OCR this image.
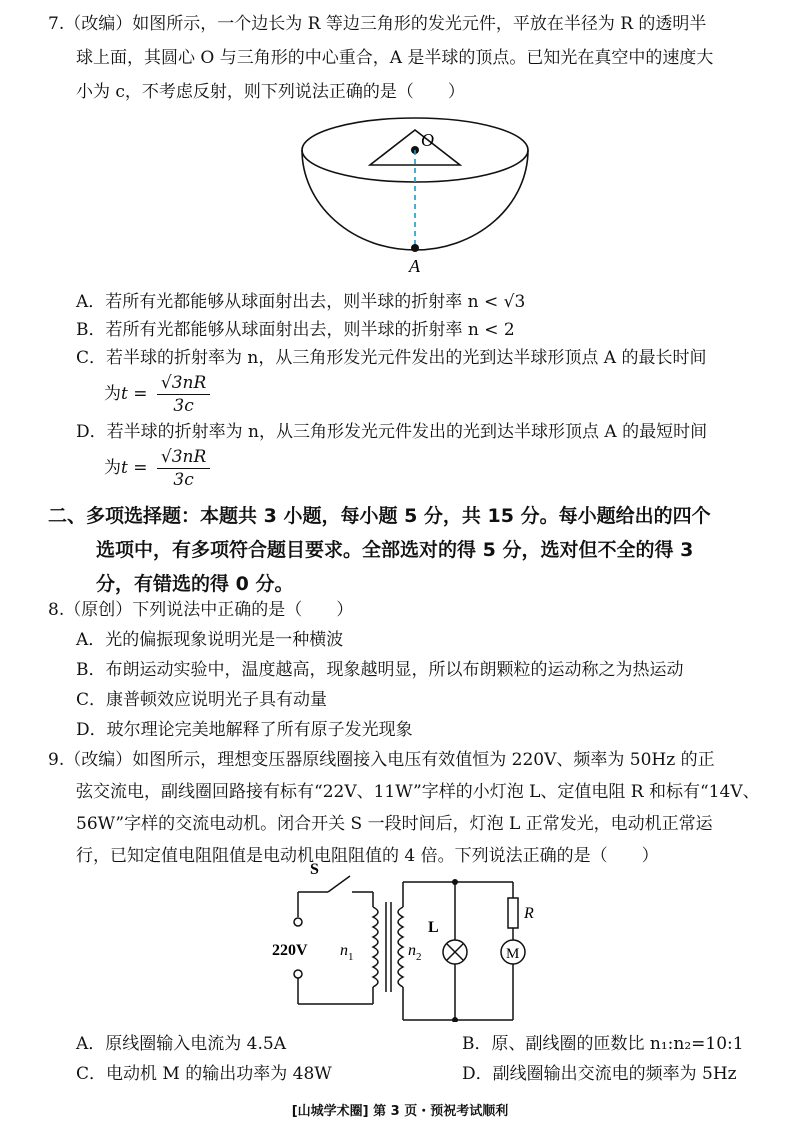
7.（改编）如图所示，一个边长为 R 等边三角形的发光元件，平放在半径为 R 的透明半
球上面，其圆心 O 与三角形的中心重合，A 是半球的顶点。已知光在真空中的速度大
小为 c，不考虑反射，则下列说法正确的是（　　）
O
A
A．若所有光都能够从球面射出去，则半球的折射率 n < √3
B．若所有光都能够从球面射出去，则半球的折射率 n < 2
C．若半球的折射率为 n，从三角形发光元件发出的光到达半球形顶点 A 的最长时间
为$t = \frac{√3nR}{3c}$
D．若半球的折射率为 n，从三角形发光元件发出的光到达半球形顶点 A 的最短时间
为$t = \frac{√3nR}{3c}$
二、多项选择题：本题共 3 小题，每小题 5 分，共 15 分。每小题给出的四个
选项中，有多项符合题目要求。全部选对的得 5 分，选对但不全的得 3
分，有错选的得 0 分。
8.（原创）下列说法中正确的是（　　）
A．光的偏振现象说明光是一种横波
B．布朗运动实验中，温度越高，现象越明显，所以布朗颗粒的运动称之为热运动
C．康普顿效应说明光子具有动量
D．玻尔理论完美地解释了所有原子发光现象
9.（改编）如图所示，理想变压器原线圈接入电压有效值恒为 220V、频率为 50Hz 的正
弦交流电，副线圈回路接有标有“22V、11W”字样的小灯泡 L、定值电阻 R 和标有“14V、
56W”字样的交流电动机。闭合开关 S 一段时间后，灯泡 L 正常发光，电动机正常运
行，已知定值电阻阻值是电动机电阻阻值的 4 倍。下列说法正确的是（　　）
S
220V $n_1$	$n_2$
L
R
M
A．原线圈输入电流为 4.5A	B．原、副线圈的匝数比 n₁:n₂=10:1
C．电动机 M 的输出功率为 48W	D．副线圈输出交流电的频率为 5Hz
[山城学术圈] 第 3 页・预祝考试顺利
